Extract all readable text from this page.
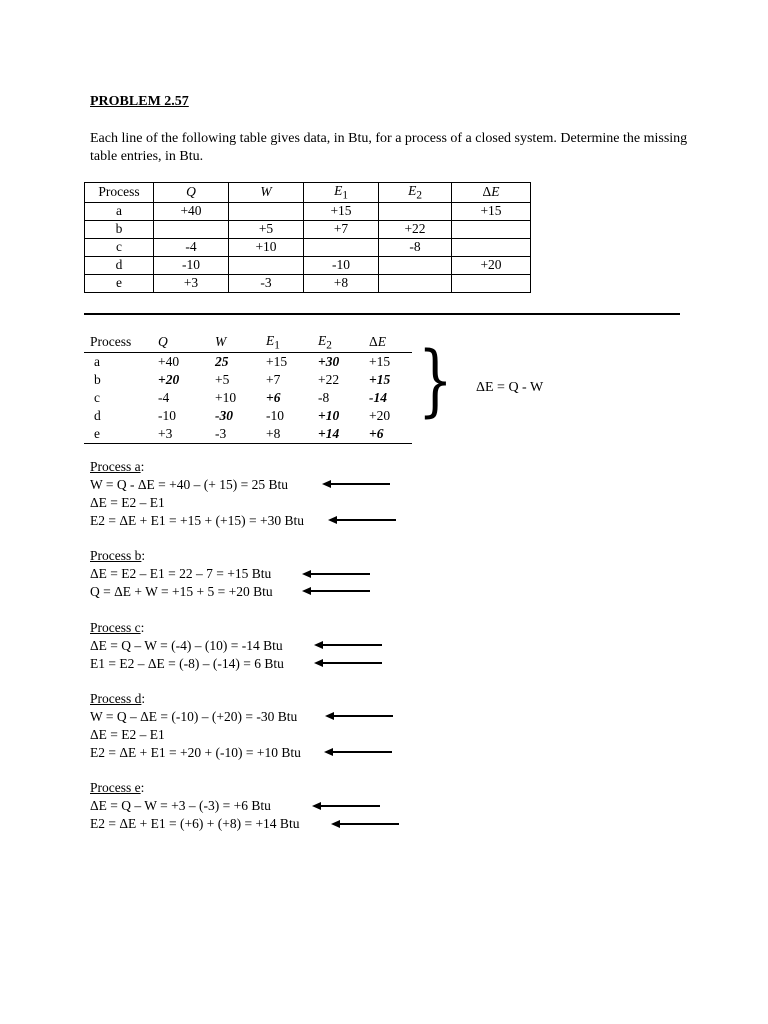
PROBLEM 2.57
Each line of the following table gives data, in Btu, for a process of a closed system. Determine the missing table entries, in Btu.
Process	Q	W	$E_1$	$E_2$	ΔE
a	+40		+15		+15
b		+5	+7	+22	
c	-4	+10		-8	
d	-10		-10		+20
e	+3	-3	+8		
Process	Q	W	$E_1$	$E_2$	ΔE
a	+40	25	+15	+30	+15
b	+20	+5	+7	+22	+15
c	-4	+10	+6	-8	-14
d	-10	-30	-10	+10	+20
e	+3	-3	+8	+14	+6
} ΔE = Q - W
Process a:
W = Q - ΔE = +40 – (+ 15) = 25 Btu
ΔE = E2 – E1
E2 = ΔE + E1 = +15 + (+15) = +30 Btu
Process b:
ΔE = E2 – E1 = 22 – 7 = +15 Btu
Q = ΔE + W = +15 + 5 = +20 Btu
Process c:
ΔE = Q – W = (-4) – (10) = -14 Btu
E1 = E2 – ΔE = (-8) – (-14) = 6 Btu
Process d:
W = Q – ΔE = (-10) – (+20) = -30 Btu
ΔE = E2 – E1
E2 = ΔE + E1 = +20 + (-10) = +10 Btu
Process e:
ΔE = Q – W = +3 – (-3) = +6 Btu
E2 = ΔE + E1 = (+6) + (+8) = +14 Btu
